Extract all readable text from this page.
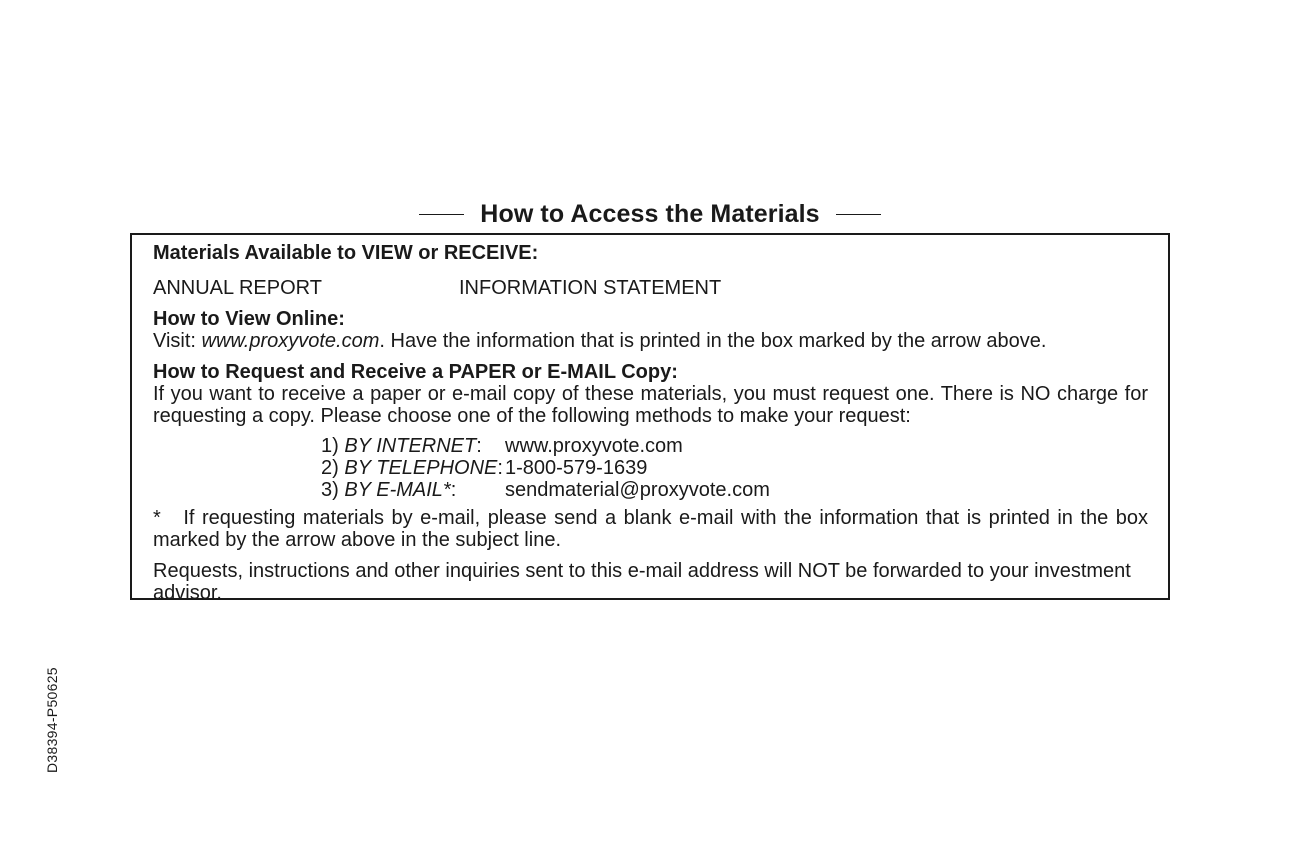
How to Access the Materials

Materials Available to VIEW or RECEIVE:

ANNUAL REPORT	INFORMATION STATEMENT

How to View Online:

Visit: www.proxyvote.com. Have the information that is printed in the box marked by the arrow above.

How to Request and Receive a PAPER or E-MAIL Copy:

If you want to receive a paper or e-mail copy of these materials, you must request one. There is NO charge for requesting a copy. Please choose one of the following methods to make your request:

1) BY INTERNET:	www.proxyvote.com
2) BY TELEPHONE: 1-800-579-1639
3) BY E-MAIL*:	sendmaterial@proxyvote.com

*   If requesting materials by e-mail, please send a blank e-mail with the information that is printed in the box marked by the arrow above in the subject line.

Requests, instructions and other inquiries sent to this e-mail address will NOT be forwarded to your investment advisor.

D38394-P50625
